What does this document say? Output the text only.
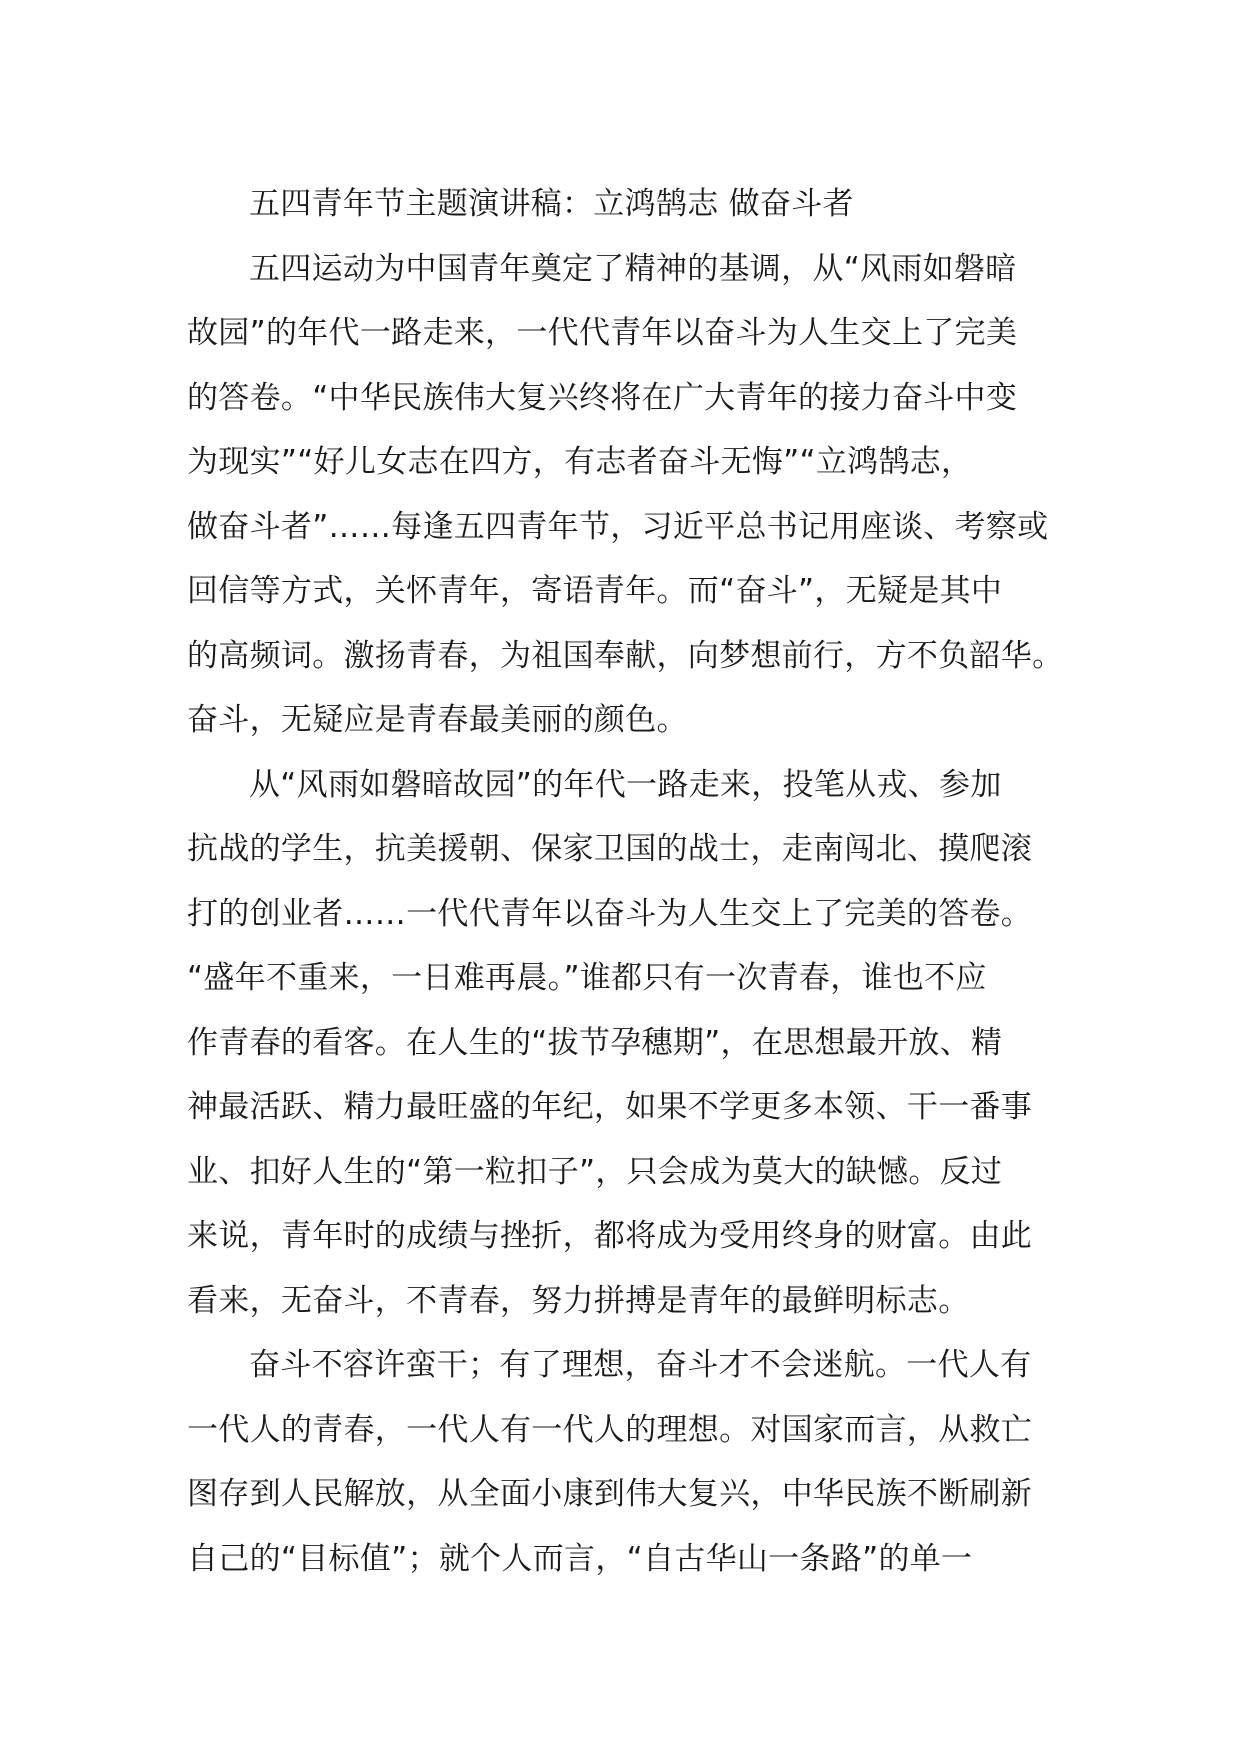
五四青年节主题演讲稿：立鸿鹄志 做奋斗者
五四运动为中国青年奠定了精神的基调，从“风雨如磐暗
故园”的年代一路走来，一代代青年以奋斗为人生交上了完美
的答卷。“中华民族伟大复兴终将在广大青年的接力奋斗中变
为现实”“好儿女志在四方，有志者奋斗无悔”“立鸿鹄志，
做奋斗者”……每逢五四青年节，习近平总书记用座谈、考察或
回信等方式，关怀青年，寄语青年。而“奋斗”，无疑是其中
的高频词。激扬青春，为祖国奉献，向梦想前行，方不负韶华。
奋斗，无疑应是青春最美丽的颜色。
从“风雨如磐暗故园”的年代一路走来，投笔从戎、参加
抗战的学生，抗美援朝、保家卫国的战士，走南闯北、摸爬滚
打的创业者……一代代青年以奋斗为人生交上了完美的答卷。
“盛年不重来，一日难再晨。”谁都只有一次青春，谁也不应
作青春的看客。在人生的“拔节孕穗期”，在思想最开放、精
神最活跃、精力最旺盛的年纪，如果不学更多本领、干一番事
业、扣好人生的“第一粒扣子”，只会成为莫大的缺憾。反过
来说，青年时的成绩与挫折，都将成为受用终身的财富。由此
看来，无奋斗，不青春，努力拼搏是青年的最鲜明标志。
奋斗不容许蛮干；有了理想，奋斗才不会迷航。一代人有
一代人的青春，一代人有一代人的理想。对国家而言，从救亡
图存到人民解放，从全面小康到伟大复兴，中华民族不断刷新
自己的“目标值”；就个人而言，“自古华山一条路”的单一
